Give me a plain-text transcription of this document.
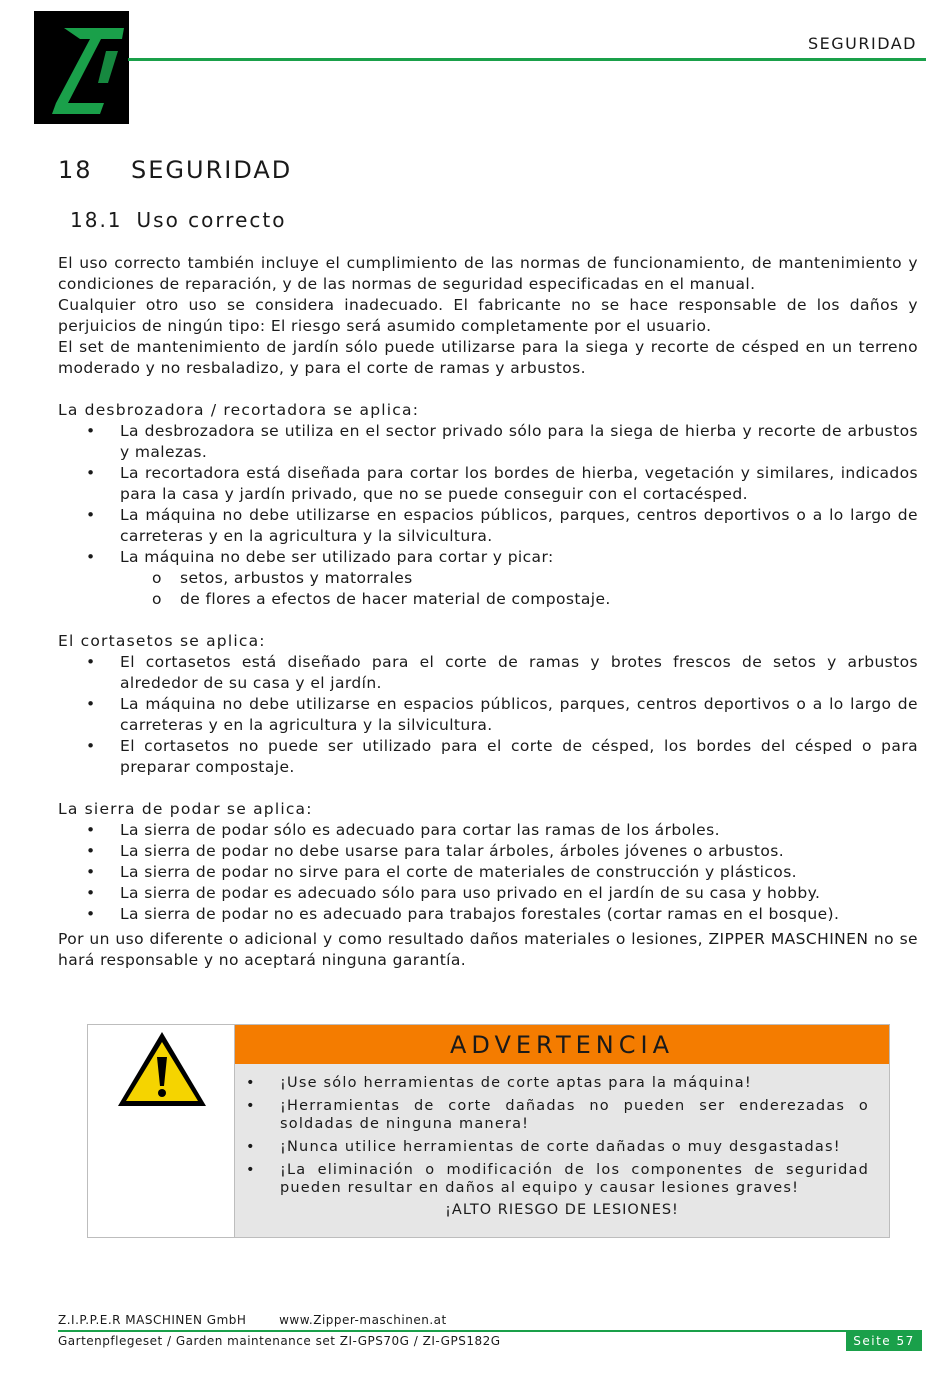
SEGURIDAD
18 SEGURIDAD
18.1 Uso correcto

El uso correcto también incluye el cumplimiento de las normas de funcionamiento, de mantenimiento y condiciones de reparación, y de las normas de seguridad especificadas en el manual.

Cualquier otro uso se considera inadecuado. El fabricante no se hace responsable de los daños y perjuicios de ningún tipo: El riesgo será asumido completamente por el usuario.

El set de mantenimiento de jardín sólo puede utilizarse para la siega y recorte de césped en un terreno moderado y no resbaladizo, y para el corte de ramas y arbustos.

La desbrozadora / recortadora se aplica:

• La desbrozadora se utiliza en el sector privado sólo para la siega de hierba y recorte de arbustos y malezas.
• La recortadora está diseñada para cortar los bordes de hierba, vegetación y similares, indicados para la casa y jardín privado, que no se puede conseguir con el cortacésped.
• La máquina no debe utilizarse en espacios públicos, parques, centros deportivos o a lo largo de carreteras y en la agricultura y la silvicultura.
• La máquina no debe ser utilizado para cortar y picar:
o setos, arbustos y matorrales
o de flores a efectos de hacer material de compostaje.

El cortasetos se aplica:

• El cortasetos está diseñado para el corte de ramas y brotes frescos de setos y arbustos alrededor de su casa y el jardín.
• La máquina no debe utilizarse en espacios públicos, parques, centros deportivos o a lo largo de carreteras y en la agricultura y la silvicultura.
• El cortasetos no puede ser utilizado para el corte de césped, los bordes del césped o para preparar compostaje.

La sierra de podar se aplica:

• La sierra de podar sólo es adecuado para cortar las ramas de los árboles.
• La sierra de podar no debe usarse para talar árboles, árboles jóvenes o arbustos.
• La sierra de podar no sirve para el corte de materiales de construcción y plásticos.
• La sierra de podar es adecuado sólo para uso privado en el jardín de su casa y hobby.
• La sierra de podar no es adecuado para trabajos forestales (cortar ramas en el bosque).

Por un uso diferente o adicional y como resultado daños materiales o lesiones, ZIPPER MASCHINEN no se hará responsable y no aceptará ninguna garantía.

ADVERTENCIA
• ¡Use sólo herramientas de corte aptas para la máquina!
• ¡Herramientas de corte dañadas no pueden ser enderezadas o soldadas de ninguna manera!
• ¡Nunca utilice herramientas de corte dañadas o muy desgastadas!
• ¡La eliminación o modificación de los componentes de seguridad pueden resultar en daños al equipo y causar lesiones graves!
¡ALTO RIESGO DE LESIONES!
Z.I.P.P.E.R MASCHINEN GmbH	www.Zipper-maschinen.at
Gartenpflegeset / Garden maintenance set ZI-GPS70G / ZI-GPS182G	Seite 57
